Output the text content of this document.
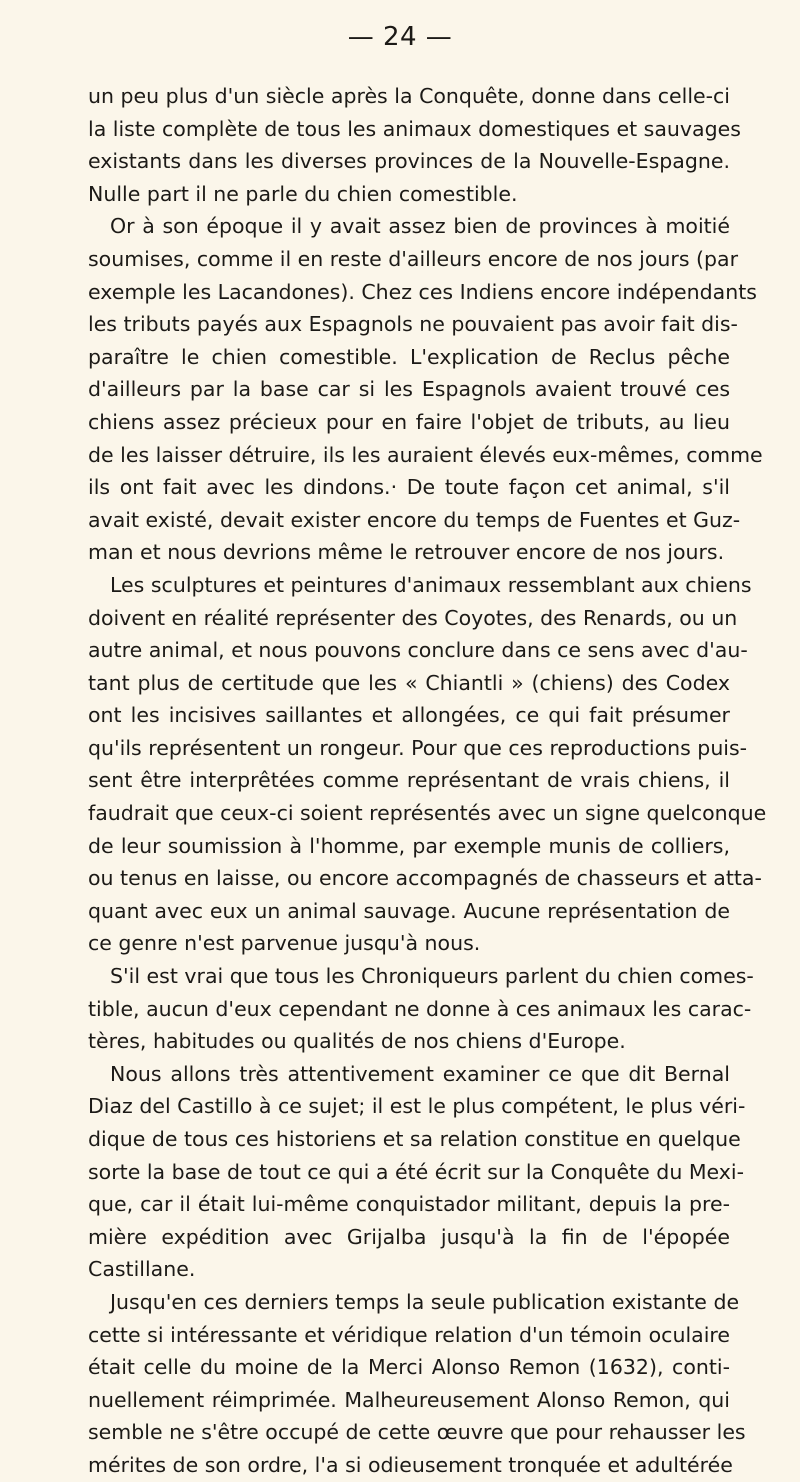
— 24 —
un peu plus d'un siècle après la Conquête, donne dans celle-ci
la liste complète de tous les animaux domestiques et sauvages
existants dans les diverses provinces de la Nouvelle-Espagne.
Nulle part il ne parle du chien comestible.
Or à son époque il y avait assez bien de provinces à moitié
soumises, comme il en reste d'ailleurs encore de nos jours (par
exemple les Lacandones). Chez ces Indiens encore indépendants
les tributs payés aux Espagnols ne pouvaient pas avoir fait dis-
paraître le chien comestible. L'explication de Reclus pêche
d'ailleurs par la base car si les Espagnols avaient trouvé ces
chiens assez précieux pour en faire l'objet de tributs, au lieu
de les laisser détruire, ils les auraient élevés eux-mêmes, comme
ils ont fait avec les dindons.· De toute façon cet animal, s'il
avait existé, devait exister encore du temps de Fuentes et Guz-
man et nous devrions même le retrouver encore de nos jours.
Les sculptures et peintures d'animaux ressemblant aux chiens
doivent en réalité représenter des Coyotes, des Renards, ou un
autre animal, et nous pouvons conclure dans ce sens avec d'au-
tant plus de certitude que les « Chiantli » (chiens) des Codex
ont les incisives saillantes et allongées, ce qui fait présumer
qu'ils représentent un rongeur. Pour que ces reproductions puis-
sent être interprêtées comme représentant de vrais chiens, il
faudrait que ceux-ci soient représentés avec un signe quelconque
de leur soumission à l'homme, par exemple munis de colliers,
ou tenus en laisse, ou encore accompagnés de chasseurs et atta-
quant avec eux un animal sauvage. Aucune représentation de
ce genre n'est parvenue jusqu'à nous.
S'il est vrai que tous les Chroniqueurs parlent du chien comes-
tible, aucun d'eux cependant ne donne à ces animaux les carac-
tères, habitudes ou qualités de nos chiens d'Europe.
Nous allons très attentivement examiner ce que dit Bernal
Diaz del Castillo à ce sujet; il est le plus compétent, le plus véri-
dique de tous ces historiens et sa relation constitue en quelque
sorte la base de tout ce qui a été écrit sur la Conquête du Mexi-
que, car il était lui-même conquistador militant, depuis la pre-
mière expédition avec Grijalba jusqu'à la fin de l'épopée
Castillane.
Jusqu'en ces derniers temps la seule publication existante de
cette si intéressante et véridique relation d'un témoin oculaire
était celle du moine de la Merci Alonso Remon (1632), conti-
nuellement réimprimée. Malheureusement Alonso Remon, qui
semble ne s'être occupé de cette œuvre que pour rehausser les
mérites de son ordre, l'a si odieusement tronquée et adultérée
